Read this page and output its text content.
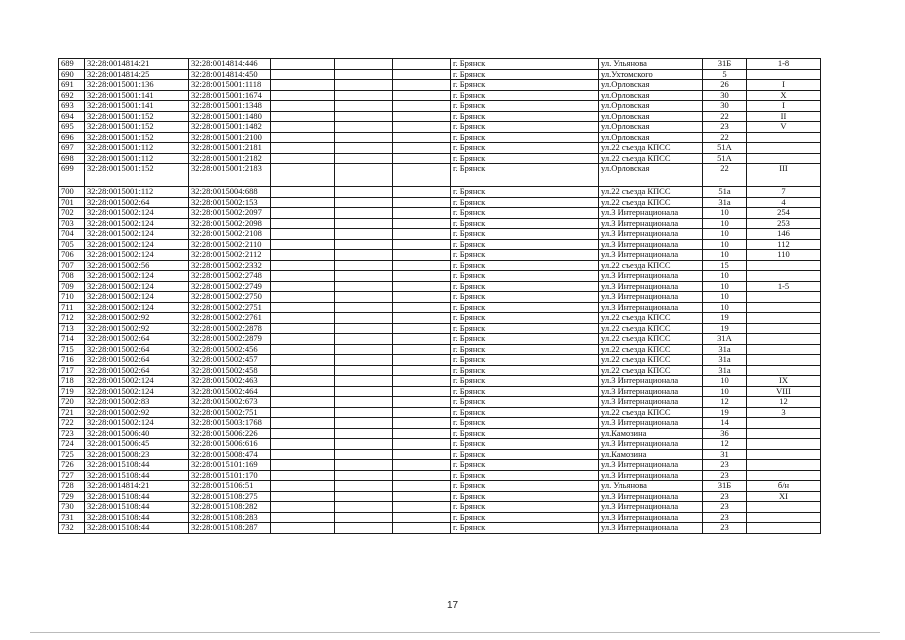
689	32:28:0014814:21	32:28:0014814:446				г. Брянск	ул. Ульянова	31Б	1-8
690	32:28:0014814:25	32:28:0014814:450				г. Брянск	ул.Ухтомского	5	
691	32:28:0015001:136	32:28:0015001:1118				г. Брянск	ул.Орловская	26	I
692	32:28:0015001:141	32:28:0015001:1674				г. Брянск	ул.Орловская	30	X
693	32:28:0015001:141	32:28:0015001:1348				г. Брянск	ул.Орловская	30	I
694	32:28:0015001:152	32:28:0015001:1480				г. Брянск	ул.Орловская	22	II
695	32:28:0015001:152	32:28:0015001:1482				г. Брянск	ул.Орловская	23	V
696	32:28:0015001:152	32:28:0015001:2100				г. Брянск	ул.Орловская	22	
697	32:28:0015001:112	32:28:0015001:2181				г. Брянск	ул.22 съезда КПСС	51А	
698	32:28:0015001:112	32:28:0015001:2182				г. Брянск	ул.22 съезда КПСС	51А	
699	32:28:0015001:152	32:28:0015001:2183				г. Брянск	ул.Орловская	22	III
700	32:28:0015001:112	32:28:0015004:688				г. Брянск	ул.22 съезда КПСС	51а	7
701	32:28:0015002:64	32:28:0015002:153				г. Брянск	ул.22 съезда КПСС	31а	4
702	32:28:0015002:124	32:28:0015002:2097				г. Брянск	ул.3 Интернационала	10	254
703	32:28:0015002:124	32:28:0015002:2098				г. Брянск	ул.3 Интернационала	10	253
704	32:28:0015002:124	32:28:0015002:2108				г. Брянск	ул.3 Интернационала	10	146
705	32:28:0015002:124	32:28:0015002:2110				г. Брянск	ул.3 Интернационала	10	112
706	32:28:0015002:124	32:28:0015002:2112				г. Брянск	ул.3 Интернационала	10	110
707	32:28:0015002:56	32:28:0015002:2332				г. Брянск	ул.22 съезда КПСС	15	
708	32:28:0015002:124	32:28:0015002:2748				г. Брянск	ул.3 Интернационала	10	
709	32:28:0015002:124	32:28:0015002:2749				г. Брянск	ул.3 Интернационала	10	1-5
710	32:28:0015002:124	32:28:0015002:2750				г. Брянск	ул.3 Интернационала	10	
711	32:28:0015002:124	32:28:0015002:2751				г. Брянск	ул.3 Интернационала	10	
712	32:28:0015002:92	32:28:0015002:2761				г. Брянск	ул.22 съезда КПСС	19	
713	32:28:0015002:92	32:28:0015002:2878				г. Брянск	ул.22 съезда КПСС	19	
714	32:28:0015002:64	32:28:0015002:2879				г. Брянск	ул.22 съезда КПСС	31А	
715	32:28:0015002:64	32:28:0015002:456				г. Брянск	ул.22 съезда КПСС	31а	
716	32:28:0015002:64	32:28:0015002:457				г. Брянск	ул.22 съезда КПСС	31а	
717	32:28:0015002:64	32:28:0015002:458				г. Брянск	ул.22 съезда КПСС	31а	
718	32:28:0015002:124	32:28:0015002:463				г. Брянск	ул.3 Интернационала	10	IX
719	32:28:0015002:124	32:28:0015002:464				г. Брянск	ул.3 Интернационала	10	VIII
720	32:28:0015002:83	32:28:0015002:673				г. Брянск	ул.3 Интернационала	12	12
721	32:28:0015002:92	32:28:0015002:751				г. Брянск	ул.22 съезда КПСС	19	3
722	32:28:0015002:124	32:28:0015003:1768				г. Брянск	ул.3 Интернационала	14	
723	32:28:0015006:40	32:28:0015006:226				г. Брянск	ул.Камозина	36	
724	32:28:0015006:45	32:28:0015006:616				г. Брянск	ул.3 Интернационала	12	
725	32:28:0015008:23	32:28:0015008:474				г. Брянск	ул.Камозина	31	
726	32:28:0015108:44	32:28:0015101:169				г. Брянск	ул.3 Интернационала	23	
727	32:28:0015108:44	32:28:0015101:170				г. Брянск	ул.3 Интернационала	23	
728	32:28:0014814:21	32:28:0015106:51				г. Брянск	ул. Ульянова	31Б	б/н
729	32:28:0015108:44	32:28:0015108:275				г. Брянск	ул.3 Интернационала	23	XI
730	32:28:0015108:44	32:28:0015108:282				г. Брянск	ул.3 Интернационала	23	
731	32:28:0015108:44	32:28:0015108:283				г. Брянск	ул.3 Интернационала	23	
732	32:28:0015108:44	32:28:0015108:287				г. Брянск	ул.3 Интернационала	23	
17
